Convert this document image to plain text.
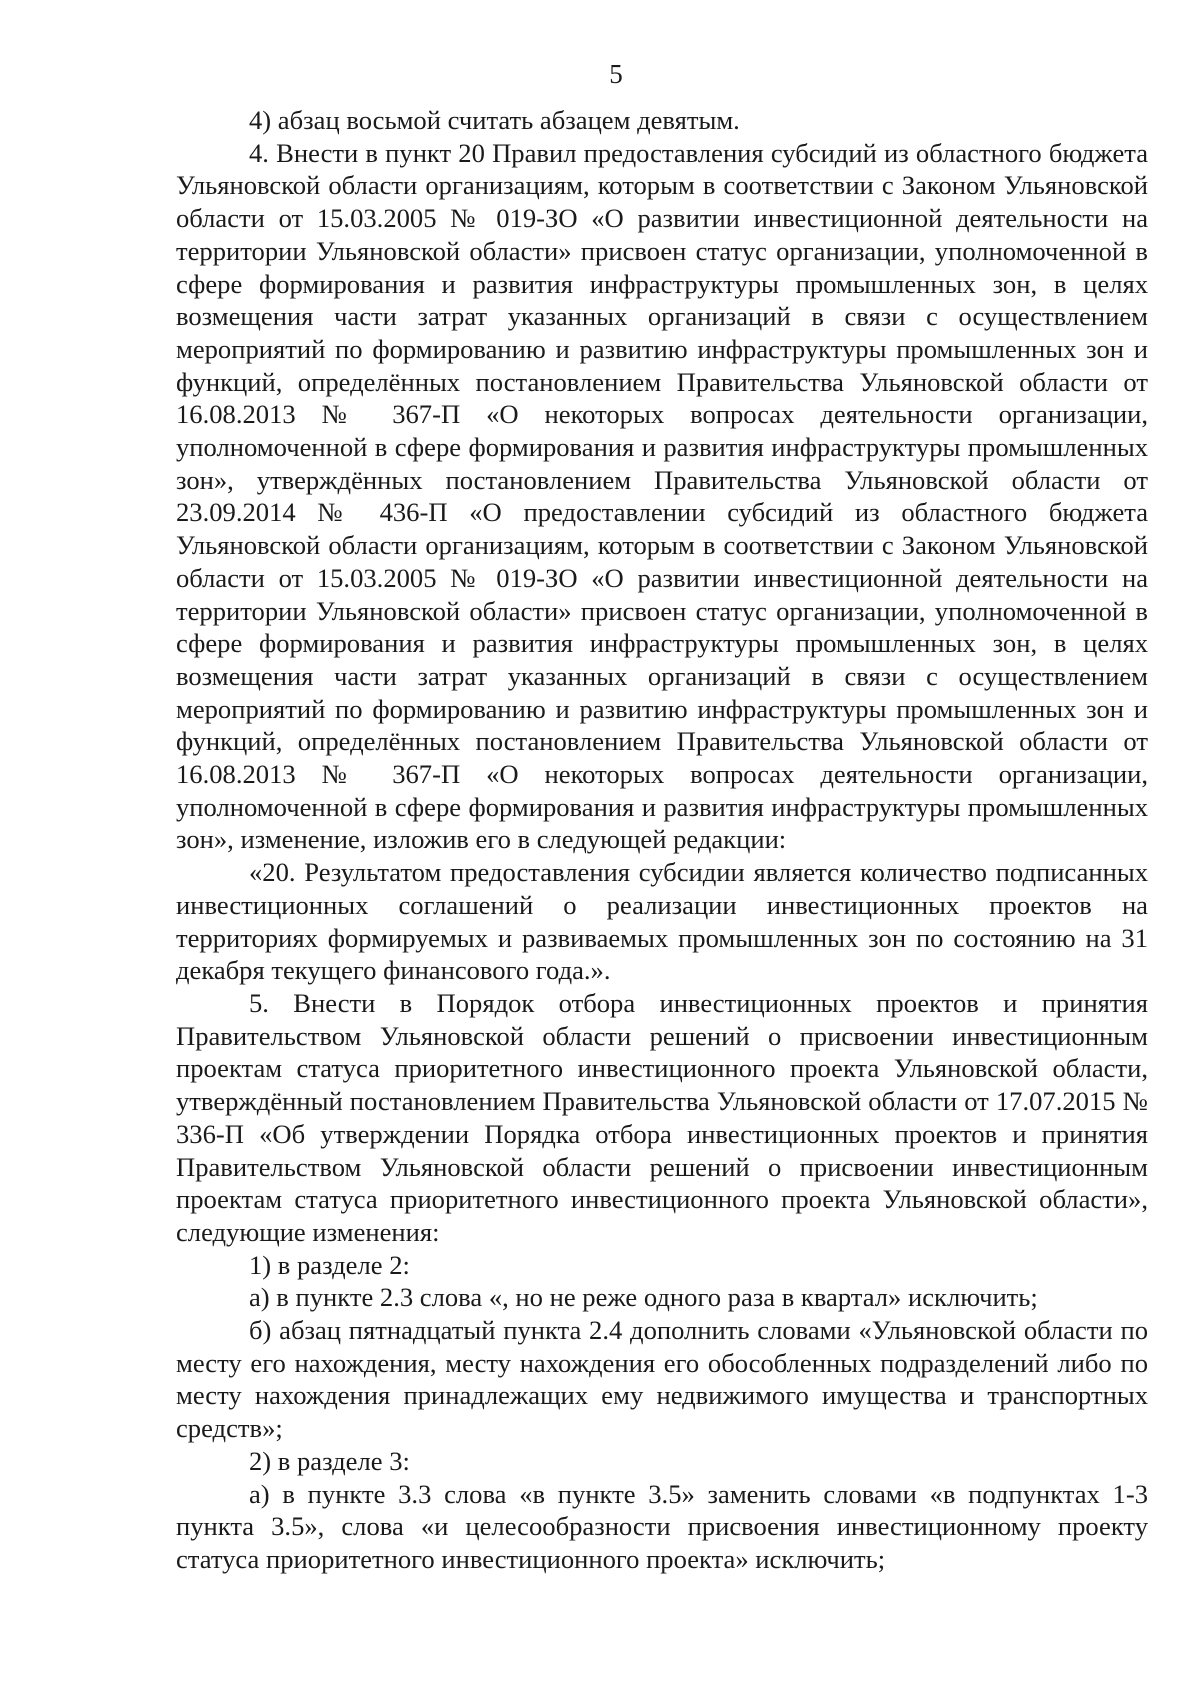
5

4) абзац восьмой считать абзацем девятым.

4. Внести в пункт 20 Правил предоставления субсидий из областного бюджета Ульяновской области организациям, которым в соответствии с Законом Ульяновской области от 15.03.2005 № 019-ЗО «О развитии инвестиционной деятельности на территории Ульяновской области» присвоен статус организации, уполномоченной в сфере формирования и развития инфраструктуры промышленных зон, в целях возмещения части затрат указанных организаций в связи с осуществлением мероприятий по формированию и развитию инфраструктуры промышленных зон и функций, определённых постановлением Правительства Ульяновской области от 16.08.2013 № 367-П «О некоторых вопросах деятельности организации, уполномоченной в сфере формирования и развития инфраструктуры промышленных зон», утверждённых постановлением Правительства Ульяновской области от 23.09.2014 № 436-П «О предоставлении субсидий из областного бюджета Ульяновской области организациям, которым в соответствии с Законом Ульяновской области от 15.03.2005 № 019-ЗО «О развитии инвестиционной деятельности на территории Ульяновской области» присвоен статус организации, уполномоченной в сфере формирования и развития инфраструктуры промышленных зон, в целях возмещения части затрат указанных организаций в связи с осуществлением мероприятий по формированию и развитию инфраструктуры промышленных зон и функций, определённых постановлением Правительства Ульяновской области от 16.08.2013 № 367-П «О некоторых вопросах деятельности организации, уполномоченной в сфере формирования и развития инфраструктуры промышленных зон», изменение, изложив его в следующей редакции:

«20. Результатом предоставления субсидии является количество подписанных инвестиционных соглашений о реализации инвестиционных проектов на территориях формируемых и развиваемых промышленных зон по состоянию на 31 декабря текущего финансового года.».

5. Внести в Порядок отбора инвестиционных проектов и принятия Правительством Ульяновской области решений о присвоении инвестиционным проектам статуса приоритетного инвестиционного проекта Ульяновской области, утверждённый постановлением Правительства Ульяновской области от 17.07.2015 № 336-П «Об утверждении Порядка отбора инвестиционных проектов и принятия Правительством Ульяновской области решений о присвоении инвестиционным проектам статуса приоритетного инвестиционного проекта Ульяновской области», следующие изменения:

1) в разделе 2:

а) в пункте 2.3 слова «, но не реже одного раза в квартал» исключить;

б) абзац пятнадцатый пункта 2.4 дополнить словами «Ульяновской области по месту его нахождения, месту нахождения его обособленных подразделений либо по месту нахождения принадлежащих ему недвижимого имущества и транспортных средств»;

2) в разделе 3:

а) в пункте 3.3 слова «в пункте 3.5» заменить словами «в подпунктах 1-3 пункта 3.5», слова «и целесообразности присвоения инвестиционному проекту статуса приоритетного инвестиционного проекта» исключить;
